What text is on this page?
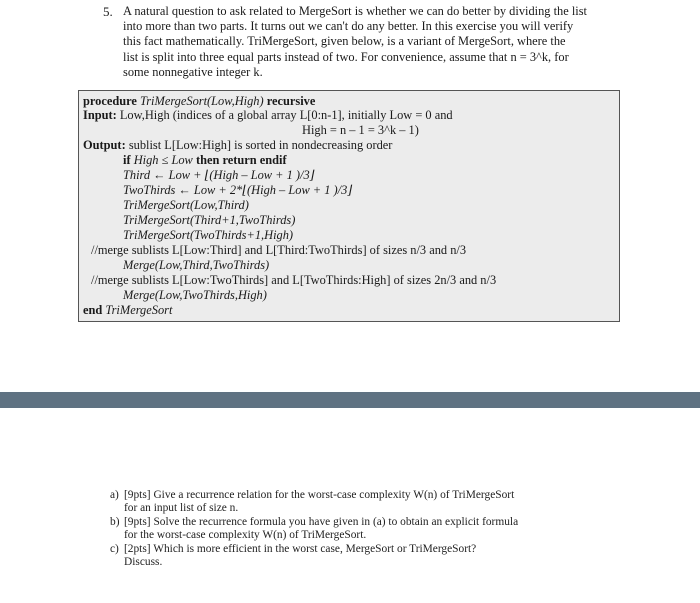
5. A natural question to ask related to MergeSort is whether we can do better by dividing the list

into more than two parts. It turns out we can't do any better. In this exercise you will verify

this fact mathematically. TriMergeSort, given below, is a variant of MergeSort, where the

list is split into three equal parts instead of two. For convenience, assume that n = 3^k, for

some nonnegative integer k.

procedure TriMergeSort(Low,High) recursive
Input: Low,High (indices of a global array L[0:n-1], initially Low = 0 and
High = n – 1 = 3^k – 1)
Output: sublist L[Low:High] is sorted in nondecreasing order
if High ≤ Low then return endif
Third ← Low + ⌊(High – Low + 1 )/3⌋
TwoThirds ← Low + 2*⌊(High – Low + 1 )/3⌋
TriMergeSort(Low,Third)
TriMergeSort(Third+1,TwoThirds)
TriMergeSort(TwoThirds+1,High)
//merge sublists L[Low:Third] and L[Third:TwoThirds] of sizes n/3 and n/3
Merge(Low,Third,TwoThirds)
//merge sublists L[Low:TwoThirds] and L[TwoThirds:High] of sizes 2n/3 and n/3
Merge(Low,TwoThirds,High)
end TriMergeSort
a) [9pts] Give a recurrence relation for the worst-case complexity W(n) of TriMergeSort
for an input list of size n.
b) [9pts] Solve the recurrence formula you have given in (a) to obtain an explicit formula
for the worst-case complexity W(n) of TriMergeSort.
c) [2pts] Which is more efficient in the worst case, MergeSort or TriMergeSort?
Discuss.
